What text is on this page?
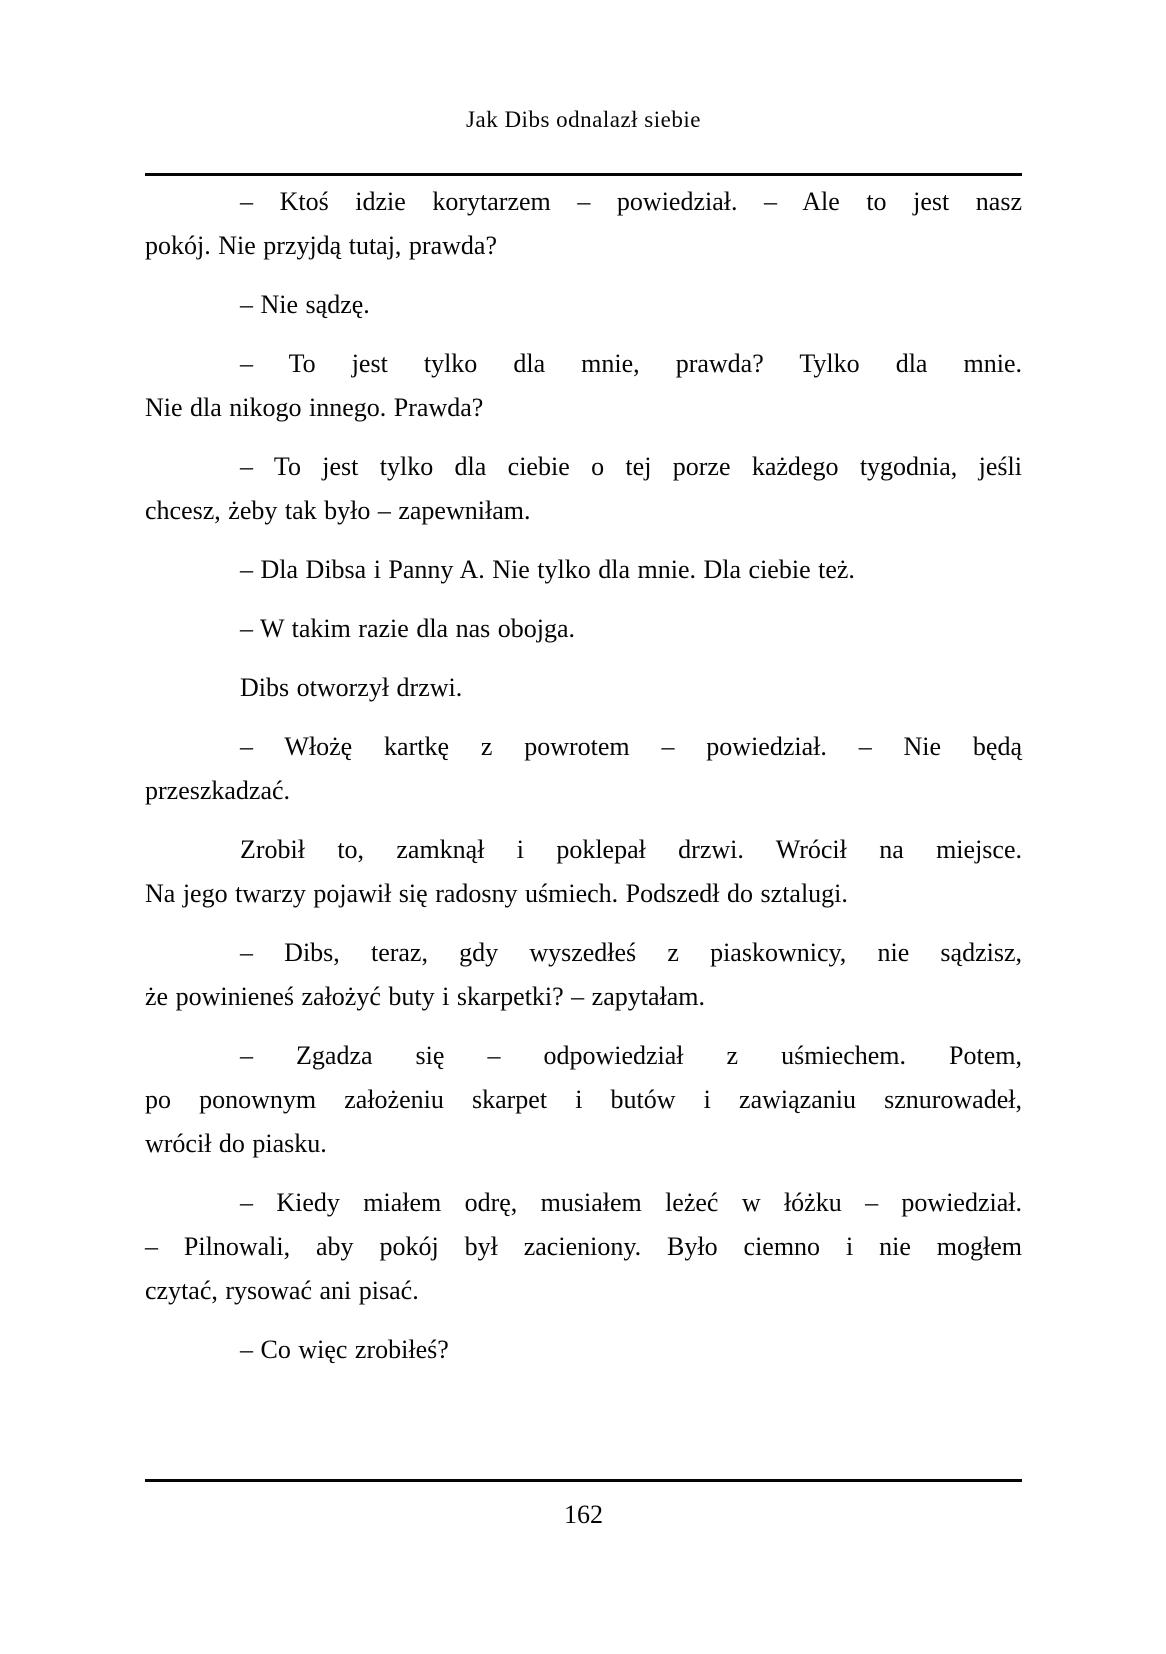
Jak Dibs odnalazł siebie
– Ktoś idzie korytarzem – powiedział. – Ale to jest nasz
pokój. Nie przyjdą tutaj, prawda?
– Nie sądzę.
– To jest tylko dla mnie, prawda? Tylko dla mnie.
Nie dla nikogo innego. Prawda?
– To jest tylko dla ciebie o tej porze każdego tygodnia, jeśli
chcesz, żeby tak było – zapewniłam.
– Dla Dibsa i Panny A. Nie tylko dla mnie. Dla ciebie też.
– W takim razie dla nas obojga.
Dibs otworzył drzwi.
– Włożę kartkę z powrotem – powiedział. – Nie będą
przeszkadzać.
Zrobił to, zamknął i poklepał drzwi. Wrócił na miejsce.
Na jego twarzy pojawił się radosny uśmiech. Podszedł do sztalugi.
– Dibs, teraz, gdy wyszedłeś z piaskownicy, nie sądzisz,
że powinieneś założyć buty i skarpetki? – zapytałam.
– Zgadza się – odpowiedział z uśmiechem. Potem,
po ponownym założeniu skarpet i butów i zawiązaniu sznurowadeł,
wrócił do piasku.
– Kiedy miałem odrę, musiałem leżeć w łóżku – powiedział.
– Pilnowali, aby pokój był zacieniony. Było ciemno i nie mogłem
czytać, rysować ani pisać.
– Co więc zrobiłeś?
162
